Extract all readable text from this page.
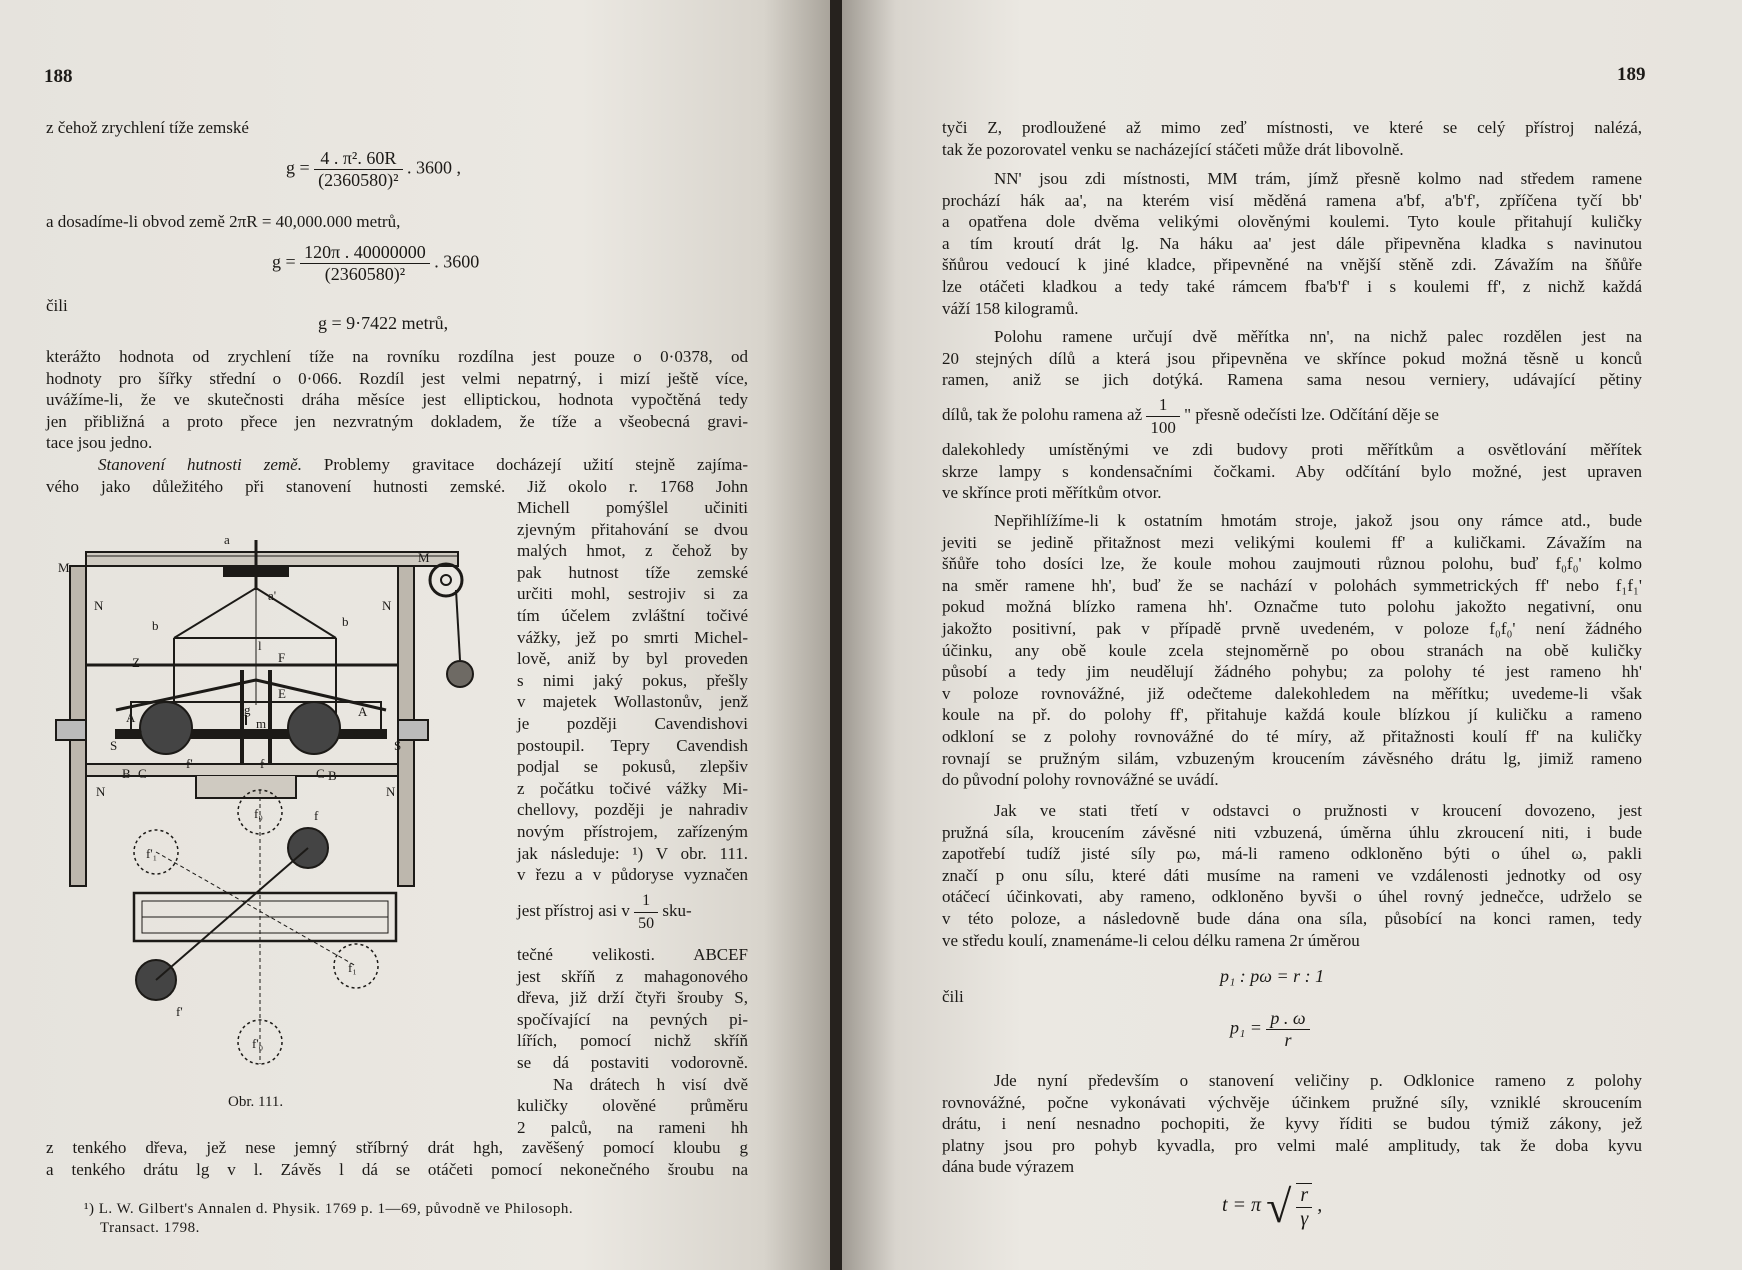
188
z čehož zrychlení tíže zemské
$g = \frac{\text{4 . π². 60R}}{\text{(2360580)²}}$ . 3600 ,
a dosadíme-li obvod země 2πR = 40,000.000 metrů,
$g = \frac{120\pi . 40000000}{\text{(2360580)²}}$ . 3600
čili
g = 9·7422 metrů,
kterážto hodnota od zrychlení tíže na rovníku rozdílna jest pouze o 0·0378, od
hodnoty pro šířky střední o 0·066. Rozdíl jest velmi nepatrný, i mizí ještě více,
uvážíme-li, že ve skutečnosti dráha měsíce jest elliptickou, hodnota vypočtěná tedy
jen přibližná a proto přece jen nezvratným dokladem, že tíže a všeobecná gravi-
tace jsou jedno.
Stanovení hutnosti země. Problemy gravitace docházejí užití stejně zajíma-
vého jako důležitého při stanovení hutnosti zemské. Již okolo r. 1768 John
Michell pomýšlel učiniti
zjevným přitahování se dvou
malých hmot, z čehož by
pak hutnost tíže zemské
určiti mohl, sestrojiv si za
tím účelem zvláštní točivé
vážky, jež po smrti Michel-
lově, aniž by byl proveden
s nimi jaký pokus, přešly
v majetek Wollastonův, jenž
je později Cavendishovi
postoupil. Tepry Cavendish
podjal se pokusů, zlepšiv
z počátku točivé vážky Mi-
chellovy, později je nahradiv
novým přístrojem, zařízeným
jak následuje: ¹) V obr. 111.
v řezu a v půdoryse vyznačen
jest přístroj asi v $\frac{1}{50} sku-$
tečné velikosti. ABCEF
jest skříň z mahagonového
dřeva, již drží čtyři šrouby S,
spočívající na pevných pi-
lířích, pomocí nichž skříň
se dá postaviti vodorovně.
Na drátech h visí dvě
kuličky olověné průměru
2 palců, na rameni hh
a
M
M
N	N
a'
b	b
Z
l
F
E
A	A
g
m
n	n
S	S
f'	f
B C	C B
N	N
f₀
f'₁
f
f₁
f'
f'₀
Obr. 111.
z tenkého dřeva, jež nese jemný stříbrný drát hgh, zavěšený pomocí kloubu g
a tenkého drátu lg v l. Závěs l dá se otáčeti pomocí nekonečného šroubu na
¹) L. W. Gilbert's Annalen d. Physik. 1769 p. 1—69, původně ve Philosoph.
Transact. 1798.
189
tyči Z, prodloužené až mimo zeď místnosti, ve které se celý přístroj nalézá,
tak že pozorovatel venku se nacházející stáčeti může drát libovolně.
NN' jsou zdi místnosti, MM trám, jímž přesně kolmo nad středem ramene
prochází hák aa', na kterém visí měděná ramena a'bf, a'b'f', zpříčena tyčí bb'
a opatřena dole dvěma velikými olověnými koulemi. Tyto koule přitahují kuličky
a tím kroutí drát lg. Na háku aa' jest dále připevněna kladka s navinutou
šňůrou vedoucí k jiné kladce, připevněné na vnější stěně zdi. Závažím na šňůře
lze otáčeti kladkou a tedy také rámcem fba'b'f' i s koulemi ff', z nichž každá
váží 158 kilogramů.
Polohu ramene určují dvě měřítka nn', na nichž palec rozdělen jest na
20 stejných dílů a která jsou připevněna ve skřínce pokud možná těsně u konců
ramen, aniž se jich dotýká. Ramena sama nesou verniery, udávající pětiny
dílů, tak že polohu ramena až $\frac{1}{100}$ " přesně odečísti lze. Odčítání děje se
dalekohledy umístěnými ve zdi budovy proti měřítkům a osvětlování měřítek
skrze lampy s kondensačními čočkami. Aby odčítání bylo možné, jest upraven
ve skřínce proti měřítkům otvor.
Nepřihlížíme-li k ostatním hmotám stroje, jakož jsou ony rámce atd., bude
jeviti se jedině přitažnost mezi velikými koulemi ff' a kuličkami. Závažím na
šňůře toho dosíci lze, že koule mohou zaujmouti různou polohu, buď f₀f₀' kolmo
na směr ramene hh', buď že se nachází v polohách symmetrických ff' nebo f₁f₁'
pokud možná blízko ramena hh'. Označme tuto polohu jakožto negativní, onu
jakožto positivní, pak v případě prvně uvedeném, v poloze f₀f₀' není žádného
účinku, any obě koule zcela stejnoměrně po obou stranách na obě kuličky
působí a tedy jim neudělují žádného pohybu; za polohy té jest rameno hh'
v poloze rovnovážné, již odečteme dalekohledem na měřítku; uvedeme-li však
koule na př. do polohy ff', přitahuje každá koule blízkou jí kuličku a rameno
odkloní se z polohy rovnovážné do té míry, až přitažnosti koulí ff' na kuličky
rovnají se pružným silám, vzbuzeným kroucením závěsného drátu lg, jimiž rameno
do původní polohy rovnovážné se uvádí.
Jak ve stati třetí v odstavci o pružnosti v kroucení dovozeno, jest
pružná síla, kroucením závěsné niti vzbuzená, úměrna úhlu zkroucení niti, i bude
zapotřebí tudíž jisté síly pω, má-li rameno odkloněno býti o úhel ω, pakli
značí p onu sílu, které dáti musíme na rameni ve vzdálenosti jednotky od osy
otáčecí účinkovati, aby rameno, odkloněno byvši o úhel rovný jednečce, udrželo se
v této poloze, a následovně bude dána ona síla, působící na konci ramen, tedy
ve středu koulí, znamenáme-li celou délku ramena 2r úměrou
p₁ : pω = r : 1
čili
$p_1 = \frac{p . \omega}{r}$
Jde nyní především o stanovení veličiny p. Odklonice rameno z polohy
rovnovážné, počne vykonávati výchvěje účinkem pružné síly, vzniklé skroucením
drátu, i není nesnadno pochopiti, že kyvy říditi se budou týmiž zákony, jež
platny jsou pro pohyb kyvadla, pro velmi malé amplitudy, tak že doba kyvu
dána bude výrazem
t = π √ $\frac{r}{\gamma}$ ,
